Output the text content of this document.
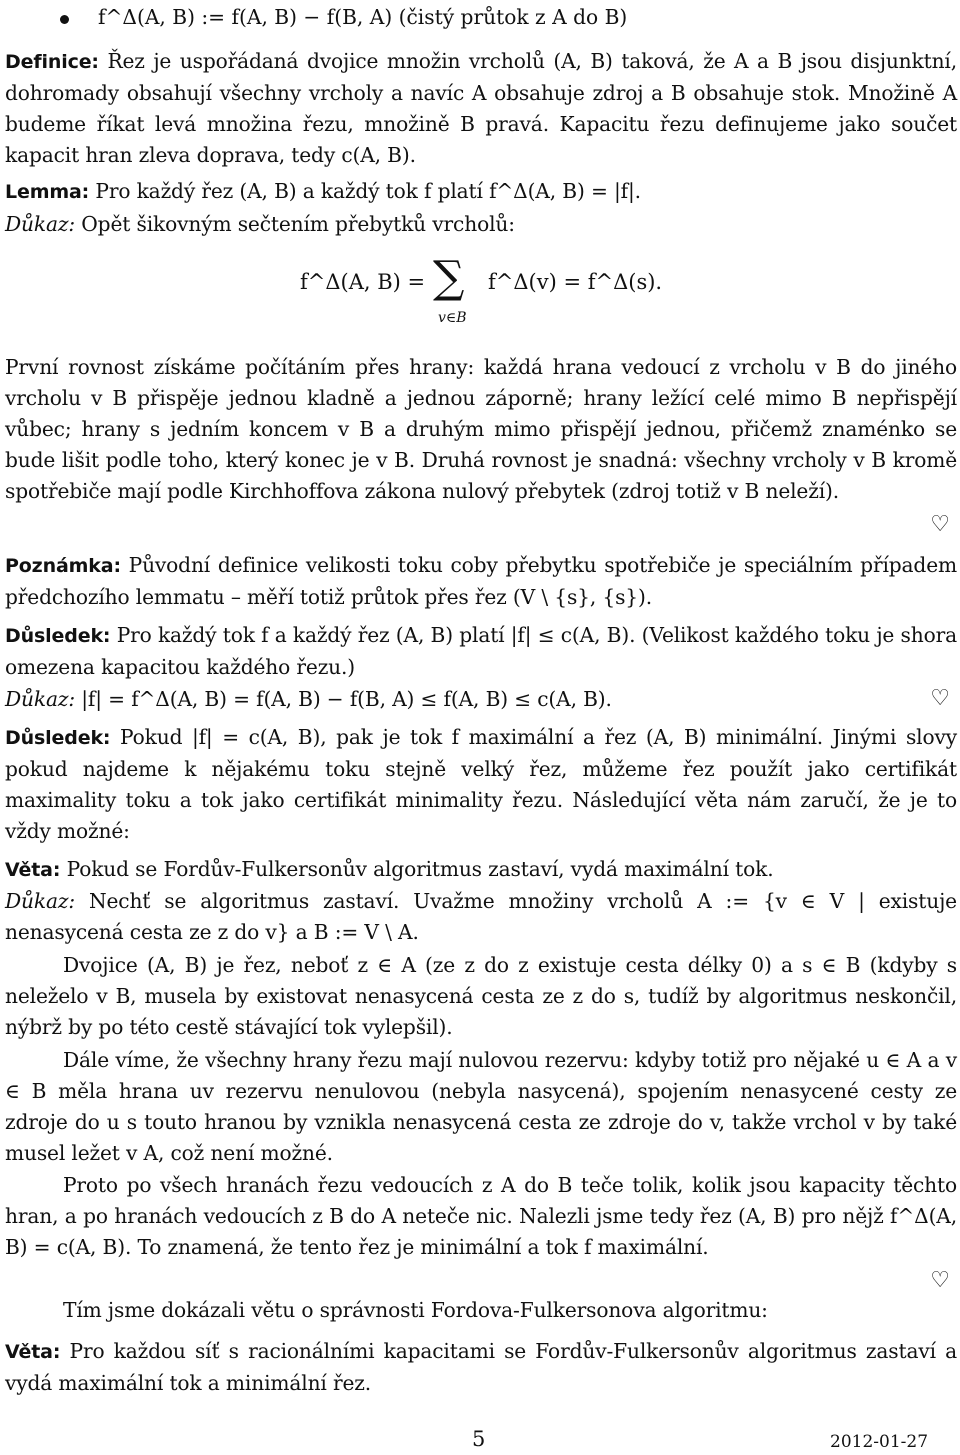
f^Δ(A, B) := f(A, B) − f(B, A) (čistý průtok z A do B)
Definice: Řez je uspořádaná dvojice množin vrcholů (A, B) taková, že A a B jsou disjunktní, dohromady obsahují všechny vrcholy a navíc A obsahuje zdroj a B obsahuje stok. Množině A budeme říkat levá množina řezu, množině B pravá. Kapacitu řezu definujeme jako součet kapacit hran zleva doprava, tedy c(A, B).
Lemma: Pro každý řez (A, B) a každý tok f platí f^Δ(A, B) = |f|.
Důkaz: Opět šikovným sečtením přebytků vrcholů:
f^Δ(A, B) = ∑
v∈B
f^Δ(v) = f^Δ(s).
První rovnost získáme počítáním přes hrany: každá hrana vedoucí z vrcholu v B do jiného vrcholu v B přispěje jednou kladně a jednou záporně; hrany ležící celé mimo B nepřispějí vůbec; hrany s jedním koncem v B a druhým mimo přispějí jednou, přičemž znaménko se bude lišit podle toho, který konec je v B. Druhá rovnost je snadná: všechny vrcholy v B kromě spotřebiče mají podle Kirchhoffova zákona nulový přebytek (zdroj totiž v B neleží).
♡
Poznámka: Původní definice velikosti toku coby přebytku spotřebiče je speciálním případem předchozího lemmatu – měří totiž průtok přes řez (V \ {s}, {s}).
Důsledek: Pro každý tok f a každý řez (A, B) platí |f| ≤ c(A, B). (Velikost každého toku je shora omezena kapacitou každého řezu.)
Důkaz: |f| = f^Δ(A, B) = f(A, B) − f(B, A) ≤ f(A, B) ≤ c(A, B).	♡
Důsledek: Pokud |f| = c(A, B), pak je tok f maximální a řez (A, B) minimální. Jinými slovy pokud najdeme k nějakému toku stejně velký řez, můžeme řez použít jako certifikát maximality toku a tok jako certifikát minimality řezu. Následující věta nám zaručí, že je to vždy možné:
Věta: Pokud se Fordův-Fulkersonův algoritmus zastaví, vydá maximální tok.
Důkaz: Nechť se algoritmus zastaví. Uvažme množiny vrcholů A := {v ∈ V | existuje nenasycená cesta ze z do v} a B := V \ A.
Dvojice (A, B) je řez, neboť z ∈ A (ze z do z existuje cesta délky 0) a s ∈ B (kdyby s neleželo v B, musela by existovat nenasycená cesta ze z do s, tudíž by algoritmus neskončil, nýbrž by po této cestě stávající tok vylepšil).
Dále víme, že všechny hrany řezu mají nulovou rezervu: kdyby totiž pro nějaké u ∈ A a v ∈ B měla hrana uv rezervu nenulovou (nebyla nasycená), spojením nenasycené cesty ze zdroje do u s touto hranou by vznikla nenasycená cesta ze zdroje do v, takže vrchol v by také musel ležet v A, což není možné.
Proto po všech hranách řezu vedoucích z A do B teče tolik, kolik jsou kapacity těchto hran, a po hranách vedoucích z B do A neteče nic. Nalezli jsme tedy řez (A, B) pro nějž f^Δ(A, B) = c(A, B). To znamená, že tento řez je minimální a tok f maximální.
♡
Tím jsme dokázali větu o správnosti Fordova-Fulkersonova algoritmu:
Věta: Pro každou síť s racionálními kapacitami se Fordův-Fulkersonův algoritmus zastaví a vydá maximální tok a minimální řez.
5	2012-01-27
